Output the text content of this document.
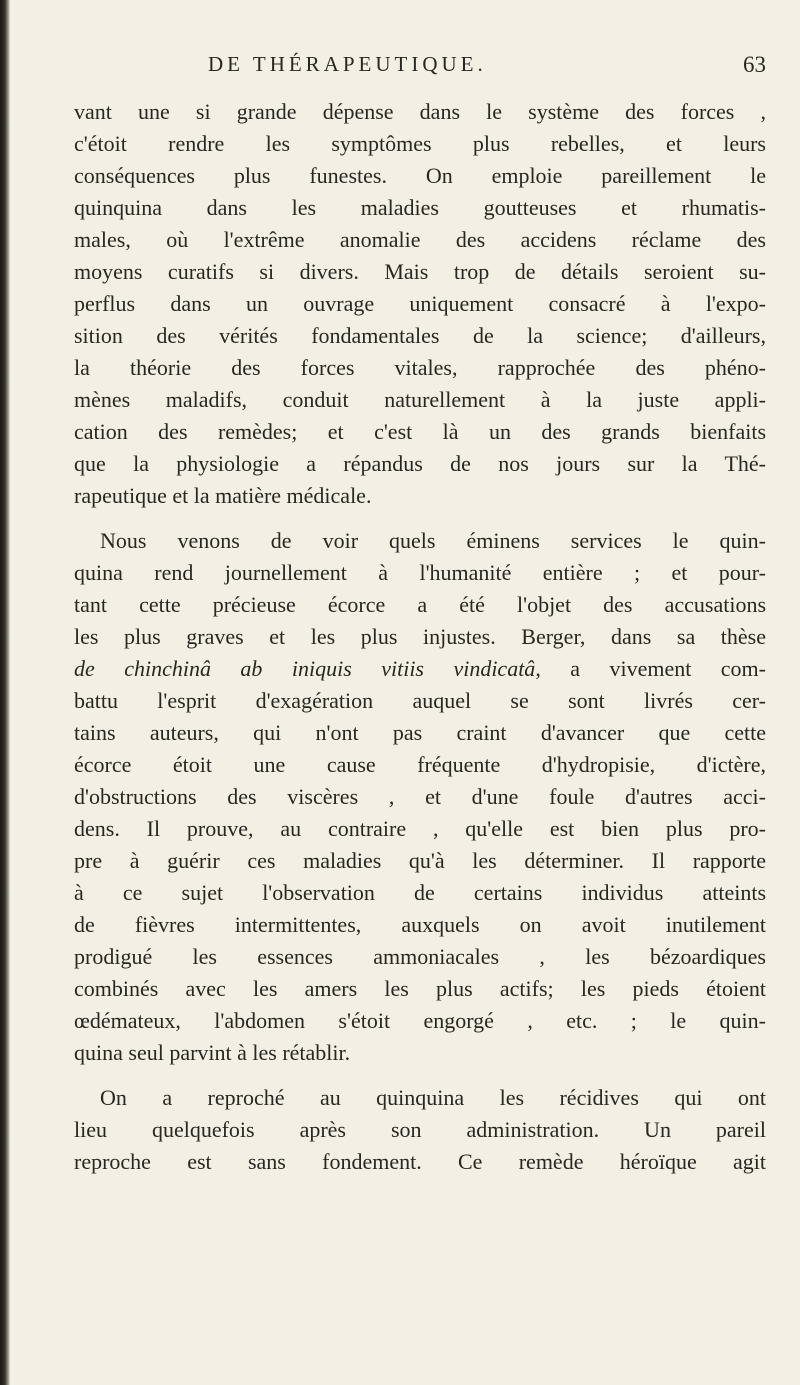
DE THÉRAPEUTIQUE.	63
vant une si grande dépense dans le système des forces ,
c'étoit rendre les symptômes plus rebelles, et leurs
conséquences plus funestes. On emploie pareillement le
quinquina dans les maladies goutteuses et rhumatis-
males, où l'extrême anomalie des accidens réclame des
moyens curatifs si divers. Mais trop de détails seroient su-
perflus dans un ouvrage uniquement consacré à l'expo-
sition des vérités fondamentales de la science; d'ailleurs,
la théorie des forces vitales, rapprochée des phéno-
mènes maladifs, conduit naturellement à la juste appli-
cation des remèdes; et c'est là un des grands bienfaits
que la physiologie a répandus de nos jours sur la Thé-
rapeutique et la matière médicale.
Nous venons de voir quels éminens services le quin-
quina rend journellement à l'humanité entière ; et pour-
tant cette précieuse écorce a été l'objet des accusations
les plus graves et les plus injustes. Berger, dans sa thèse
de chinchinâ ab iniquis vitiis vindicatâ, a vivement com-
battu l'esprit d'exagération auquel se sont livrés cer-
tains auteurs, qui n'ont pas craint d'avancer que cette
écorce étoit une cause fréquente d'hydropisie, d'ictère,
d'obstructions des viscères , et d'une foule d'autres acci-
dens. Il prouve, au contraire , qu'elle est bien plus pro-
pre à guérir ces maladies qu'à les déterminer. Il rapporte
à ce sujet l'observation de certains individus atteints
de fièvres intermittentes, auxquels on avoit inutilement
prodigué les essences ammoniacales , les bézoardiques
combinés avec les amers les plus actifs; les pieds étoient
œdémateux, l'abdomen s'étoit engorgé , etc. ; le quin-
quina seul parvint à les rétablir.
On a reproché au quinquina les récidives qui ont
lieu quelquefois après son administration. Un pareil
reproche est sans fondement. Ce remède héroïque agit
